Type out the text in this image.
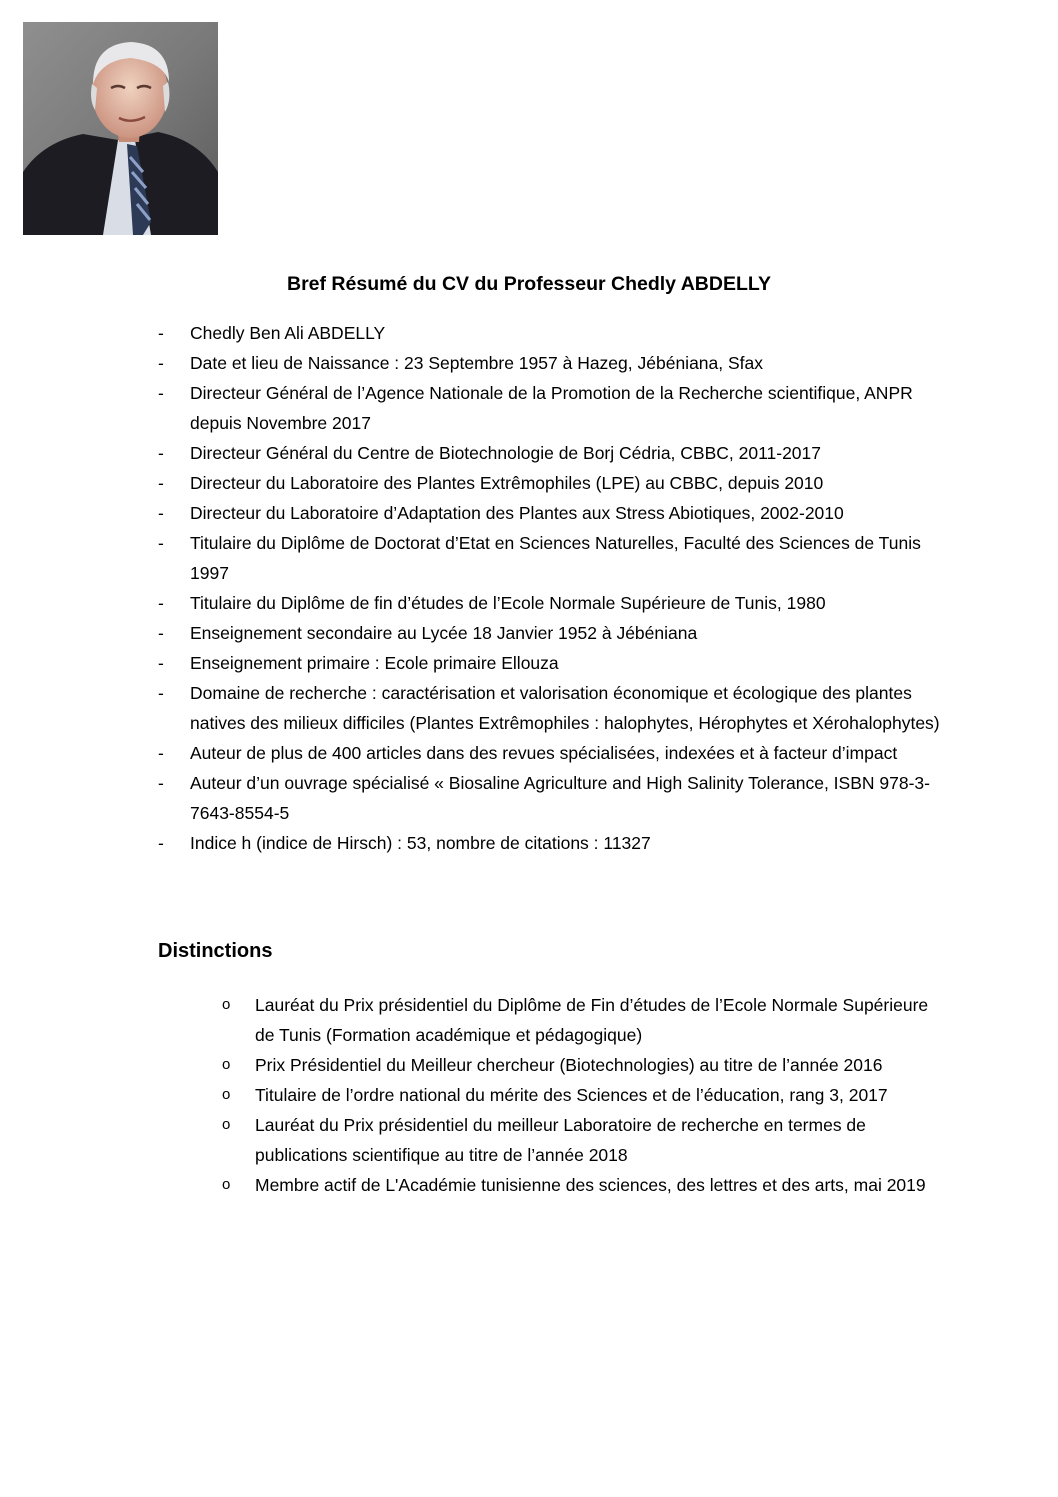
Bref Résumé du CV du Professeur Chedly ABDELLY
-	Chedly Ben Ali ABDELLY
-	Date et lieu de Naissance : 23 Septembre 1957 à Hazeg, Jébéniana, Sfax
-	Directeur Général de l’Agence Nationale de la Promotion de la Recherche scientifique, ANPR depuis Novembre 2017
-	Directeur Général du Centre de Biotechnologie de Borj Cédria, CBBC, 2011-2017
-	Directeur du Laboratoire des Plantes Extrêmophiles (LPE) au CBBC, depuis 2010
-	Directeur du Laboratoire d’Adaptation des Plantes aux Stress Abiotiques, 2002-2010
-	Titulaire du Diplôme de Doctorat d’Etat en Sciences Naturelles, Faculté des Sciences de Tunis 1997
-	Titulaire du Diplôme de fin d’études de l’Ecole Normale Supérieure de Tunis, 1980
-	Enseignement secondaire au Lycée 18 Janvier 1952 à Jébéniana
-	Enseignement primaire : Ecole primaire Ellouza
-	Domaine de recherche : caractérisation et valorisation économique et écologique des plantes natives des milieux difficiles (Plantes Extrêmophiles : halophytes, Hérophytes et Xérohalophytes)
-	Auteur de plus de 400 articles dans des revues spécialisées, indexées et à facteur d’impact
-	Auteur d’un ouvrage spécialisé « Biosaline Agriculture and High Salinity Tolerance, ISBN 978-3-7643-8554-5
-	Indice h (indice de Hirsch) : 53, nombre de citations : 11327
Distinctions
o Lauréat du Prix présidentiel du Diplôme de Fin d’études de l’Ecole Normale Supérieure de Tunis (Formation académique et pédagogique)
o Prix Présidentiel du Meilleur chercheur (Biotechnologies) au titre de l’année 2016
o Titulaire de l’ordre national du mérite des Sciences et de l’éducation, rang 3, 2017
o Lauréat du Prix présidentiel du meilleur Laboratoire de recherche en termes de publications scientifique au titre de l’année 2018
o Membre actif de L'Académie tunisienne des sciences, des lettres et des arts, mai 2019
